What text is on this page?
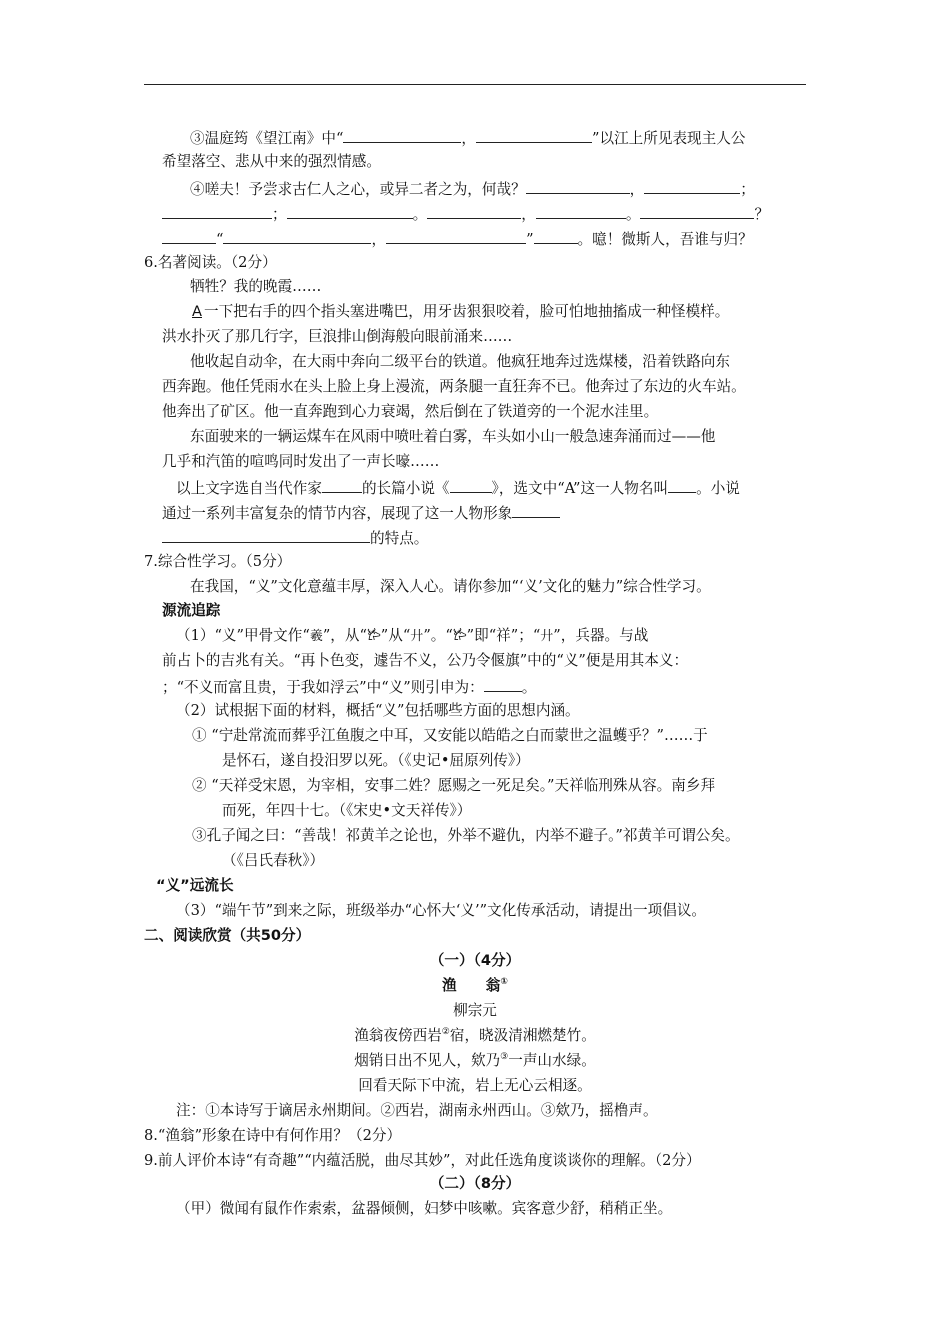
③温庭筠《望江南》中“	，	”以江上所见表现主人公
希望落空、悲从中来的强烈情感。
④嗟夫！予尝求古仁人之心，或异二者之为，何哉？	，	；
；	。	，	。	？
“	，	”	。噫！微斯人，吾谁与归？
6.名著阅读。（2分）
牺牲？我的晚霞……
A 一下把右手的四个指头塞进嘴巴，用牙齿狠狠咬着，脸可怕地抽搐成一种怪模样。
洪水扑灭了那几行字，巨浪排山倒海般向眼前涌来……
他收起自动伞，在大雨中奔向二级平台的铁道。他疯狂地奔过选煤楼，沿着铁路向东
西奔跑。他任凭雨水在头上脸上身上漫流，两条腿一直狂奔不已。他奔过了东边的火车站。
他奔出了矿区。他一直奔跑到心力衰竭，然后倒在了铁道旁的一个泥水洼里。
东面驶来的一辆运煤车在风雨中喷吐着白雾，车头如小山一般急速奔涌而过——他
几乎和汽笛的喧鸣同时发出了一声长嚎……
以上文字选自当代作家	的长篇小说《	》，选文中“A”这一人物名叫 。小说
通过一系列丰富复杂的情节内容，展现了这一人物形象
的特点。
7.综合性学习。（5分）
在我国，“义”文化意蕴丰厚，深入人心。请你参加“‘义’文化的魅力”综合性学习。
源流追踪
（1）“义”甲骨文作“羲”，从“𐂂”从“廾”。“𐂂”即“祥”；“廾”，兵器。与战
前占卜的吉兆有关。“再卜色变，遽告不义，公乃令偃旗”中的“义”便是用其本义：
；“不义而富且贵，于我如浮云”中“义”则引申为：	。
（2）试根据下面的材料，概括“义”包括哪些方面的思想内涵。
① “宁赴常流而葬乎江鱼腹之中耳，又安能以皓皓之白而蒙世之温蠖乎？”……于
是怀石，遂自投汨罗以死。（《史记•屈原列传》）
② “天祥受宋恩，为宰相，安事二姓？愿赐之一死足矣。”天祥临刑殊从容。南乡拜
而死，年四十七。（《宋史•文天祥传》）
③孔子闻之曰：“善哉！祁黄羊之论也，外举不避仇，内举不避子。”祁黄羊可谓公矣。
（《吕氏春秋》）
“义”远流长
（3）“端午节”到来之际，班级举办“心怀大‘义’”文化传承活动，请提出一项倡议。
二、阅读欣赏（共50分）
（一）（4分）
渔　　翁①
柳宗元
渔翁夜傍西岩②宿，晓汲清湘燃楚竹。
烟销日出不见人，欸乃③一声山水绿。
回看天际下中流，岩上无心云相逐。
注：①本诗写于谪居永州期间。②西岩，湖南永州西山。③欸乃，摇橹声。
8.“渔翁”形象在诗中有何作用？（2分）
9.前人评价本诗“有奇趣”“内蕴活脱，曲尽其妙”，对此任选角度谈谈你的理解。（2分）
（二）（8分）
（甲）微闻有鼠作作索索，盆器倾侧，妇梦中咳嗽。宾客意少舒，稍稍正坐。
